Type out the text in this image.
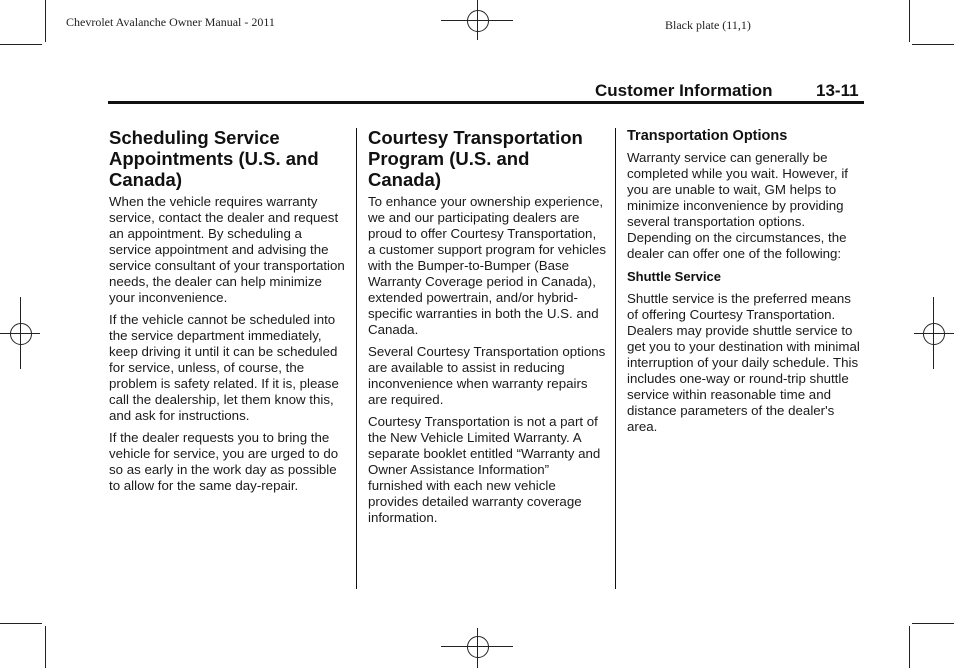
Chevrolet Avalanche Owner Manual - 2011	Black plate (11,1)
Customer Information	13-11
Scheduling Service Appointments (U.S. and Canada)

When the vehicle requires warranty service, contact the dealer and request an appointment. By scheduling a service appointment and advising the service consultant of your transportation needs, the dealer can help minimize your inconvenience.

If the vehicle cannot be scheduled into the service department immediately, keep driving it until it can be scheduled for service, unless, of course, the problem is safety related. If it is, please call the dealership, let them know this, and ask for instructions.

If the dealer requests you to bring the vehicle for service, you are urged to do so as early in the work day as possible to allow for the same day-repair.

Courtesy Transportation Program (U.S. and Canada)

To enhance your ownership experience, we and our participating dealers are proud to offer Courtesy Transportation, a customer support program for vehicles with the Bumper-to-Bumper (Base Warranty Coverage period in Canada), extended powertrain, and/or hybrid-specific warranties in both the U.S. and Canada.

Several Courtesy Transportation options are available to assist in reducing inconvenience when warranty repairs are required.

Courtesy Transportation is not a part of the New Vehicle Limited Warranty. A separate booklet entitled “Warranty and Owner Assistance Information” furnished with each new vehicle provides detailed warranty coverage information.

Transportation Options

Warranty service can generally be completed while you wait. However, if you are unable to wait, GM helps to minimize inconvenience by providing several transportation options. Depending on the circumstances, the dealer can offer one of the following:

Shuttle Service

Shuttle service is the preferred means of offering Courtesy Transportation. Dealers may provide shuttle service to get you to your destination with minimal interruption of your daily schedule. This includes one-way or round-trip shuttle service within reasonable time and distance parameters of the dealer's area.
